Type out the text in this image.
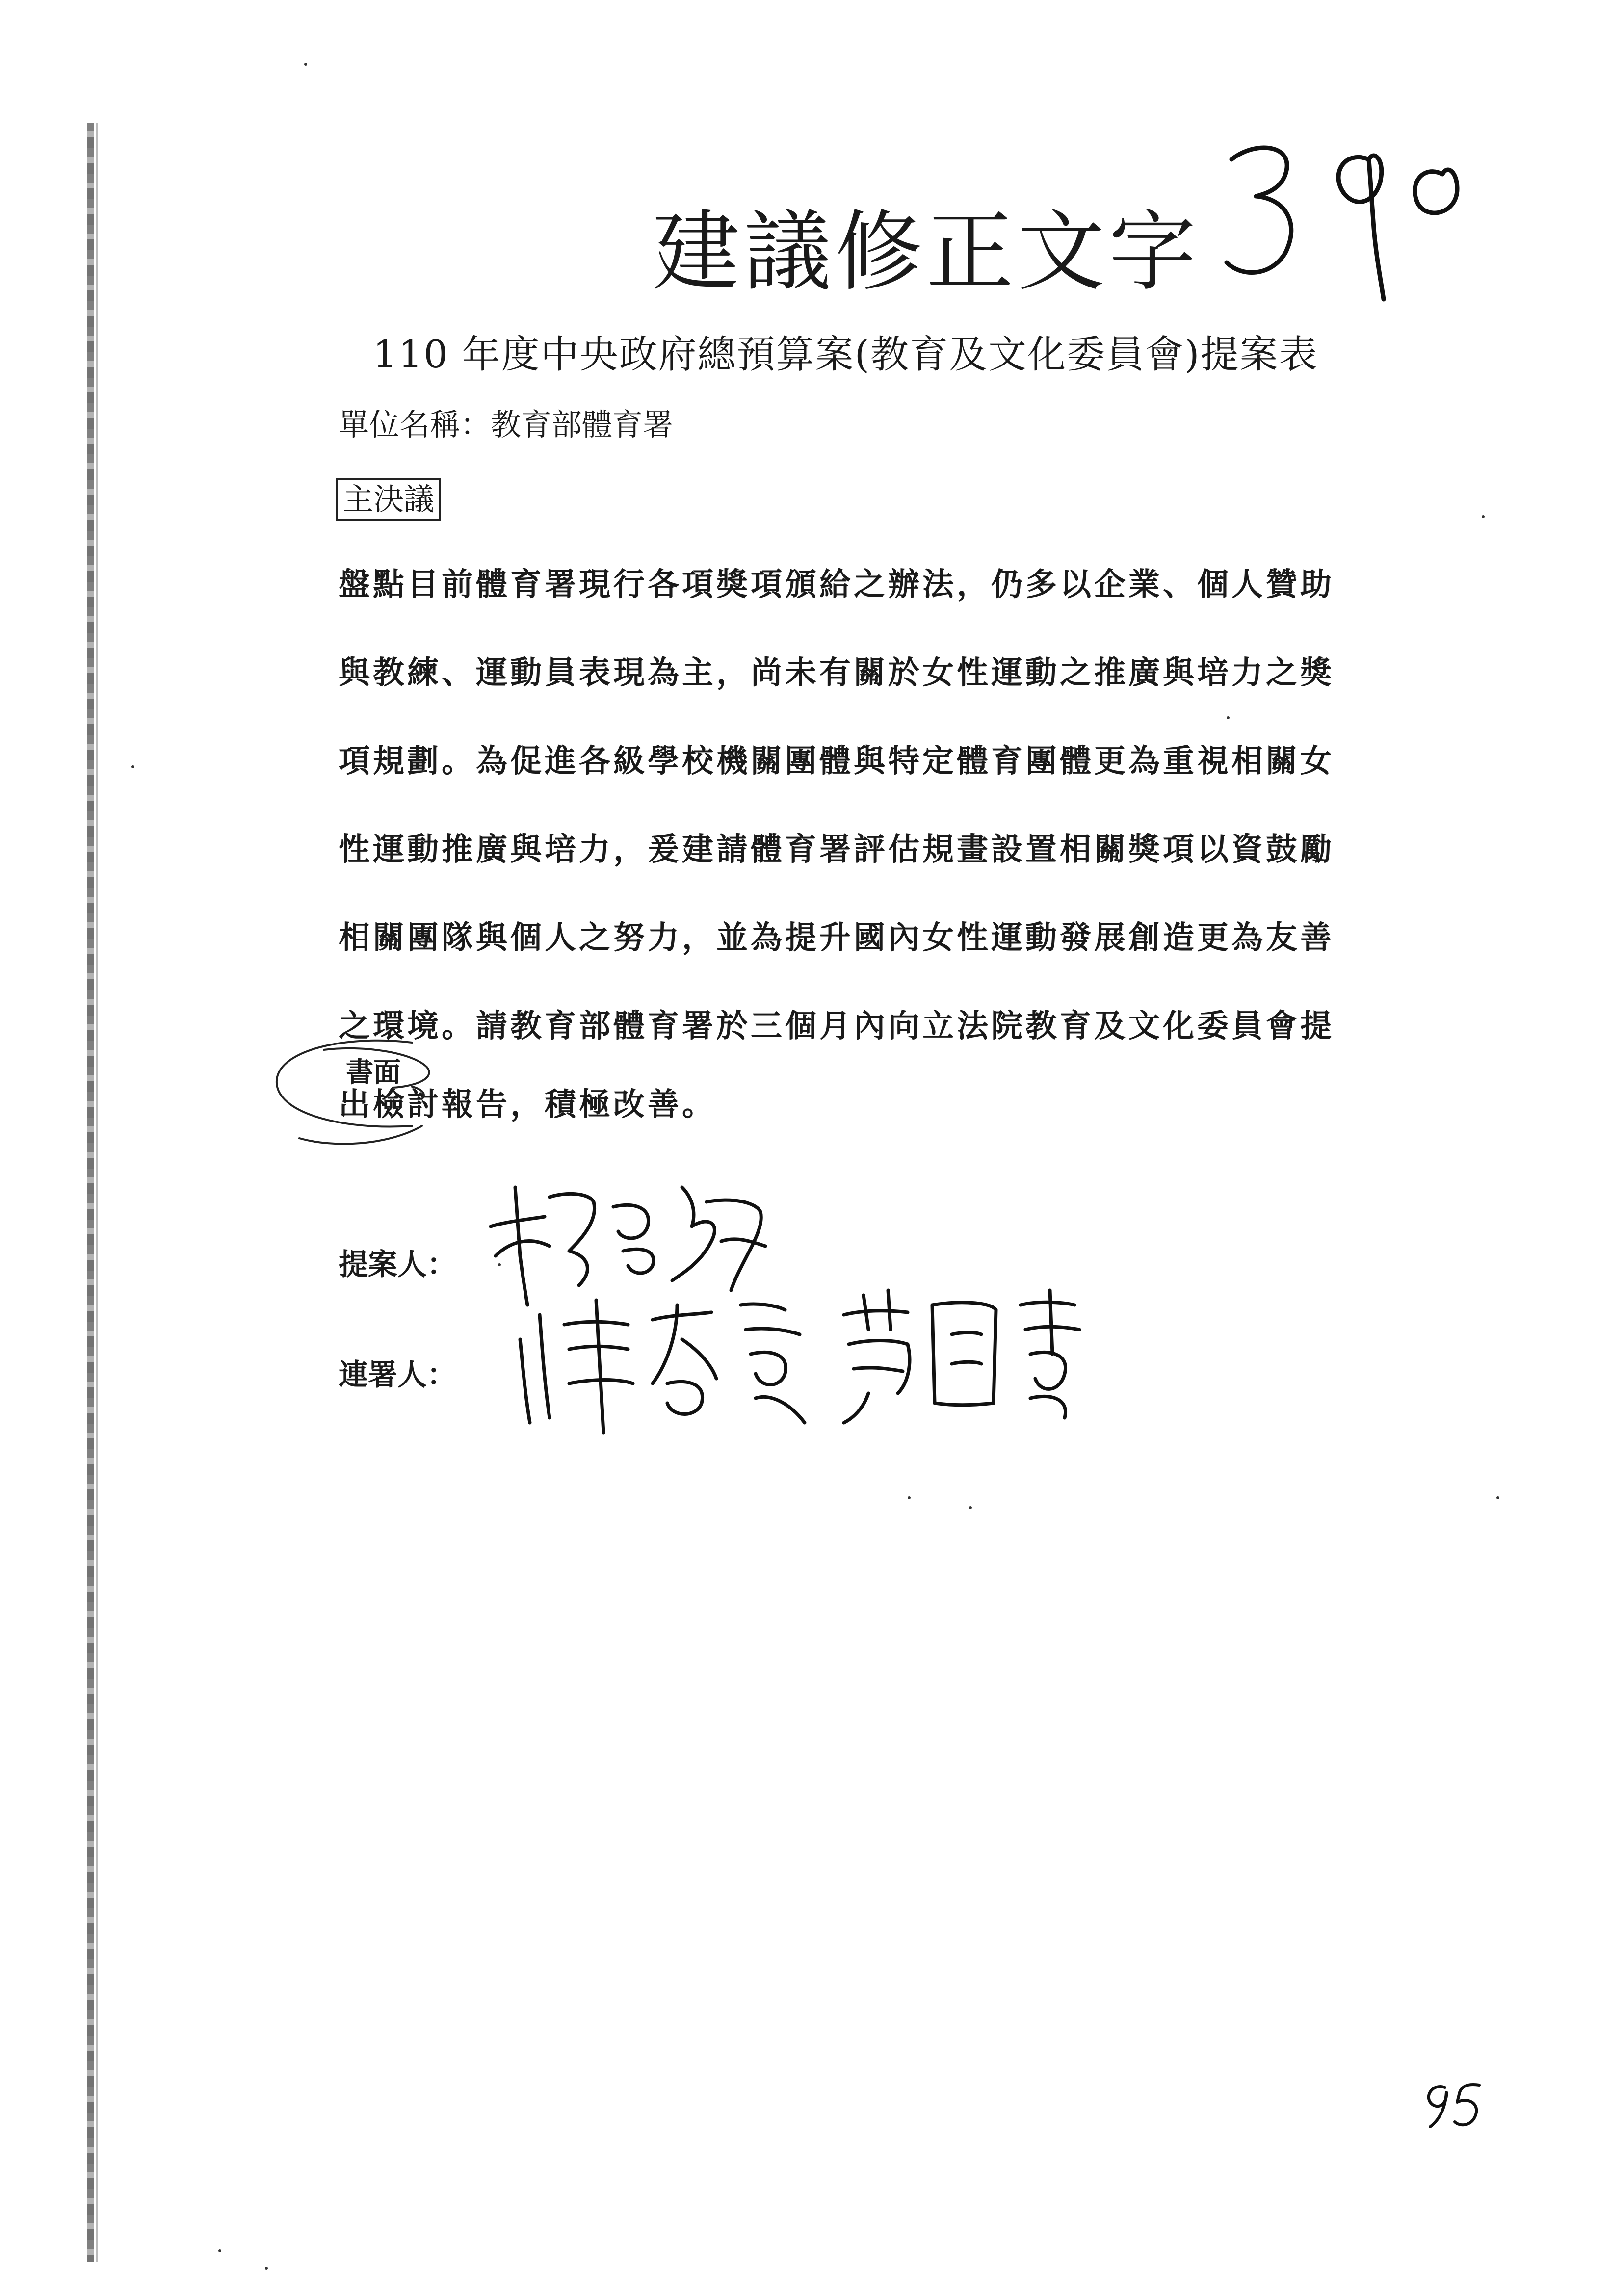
建議修正文字
110 年度中央政府總預算案(教育及文化委員會)提案表
單位名稱：教育部體育署
主決議
盤點目前體育署現行各項獎項頒給之辦法，仍多以企業、個人贊助
與教練、運動員表現為主，尚未有關於女性運動之推廣與培力之獎
項規劃。為促進各級學校機關團體與特定體育團體更為重視相關女
性運動推廣與培力，爰建請體育署評估規畫設置相關獎項以資鼓勵
相關團隊與個人之努力，並為提升國內女性運動發展創造更為友善
之環境。請教育部體育署於三個月內向立法院教育及文化委員會提
出檢討報告，積極改善。
書面
提案人：
連署人：
